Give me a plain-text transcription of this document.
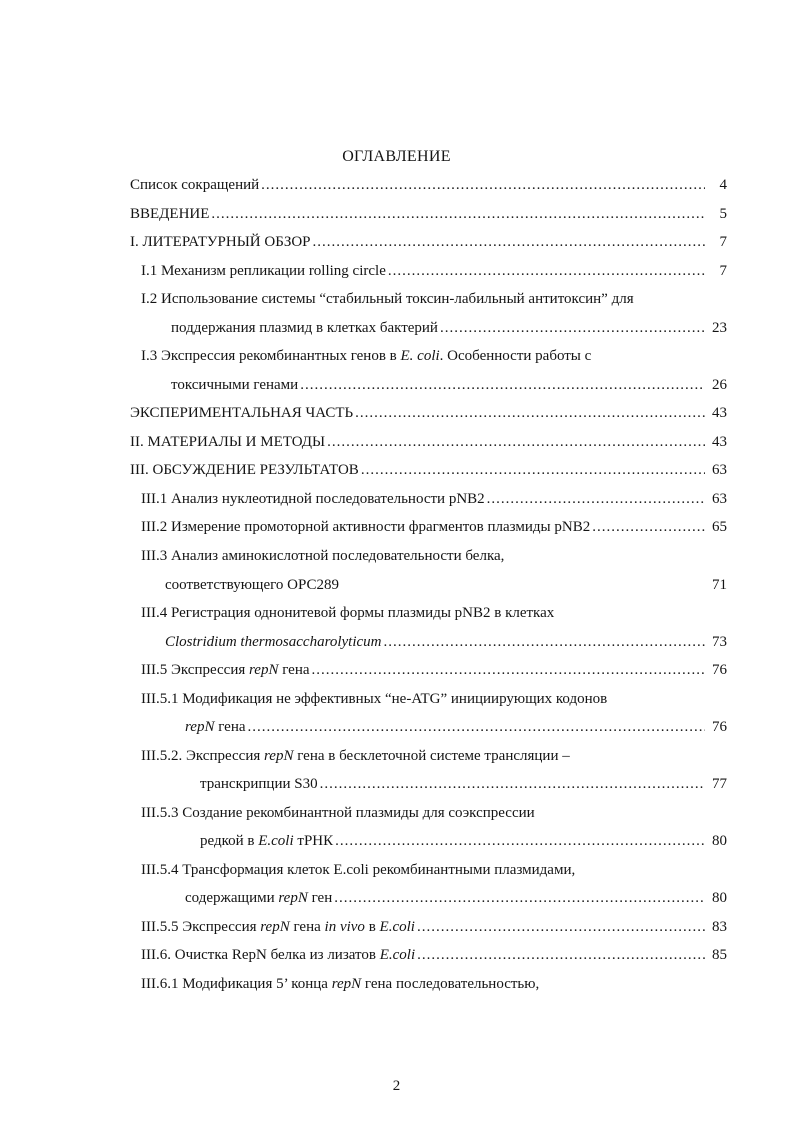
ОГЛАВЛЕНИЕ
Список сокращений .....	4
ВВЕДЕНИЕ .....	5
I. ЛИТЕРАТУРНЫЙ ОБЗОР .....	7
I.1 Механизм репликации rolling circle .....	7
I.2 Использование системы “стабильный токсин-лабильный антитоксин” для
поддержания плазмид в клетках бактерий .....	23
I.3 Экспрессия рекомбинантных генов в E. coli. Особенности работы с
токсичными генами .....	26
ЭКСПЕРИМЕНТАЛЬНАЯ ЧАСТЬ .....	43
II. МАТЕРИАЛЫ И МЕТОДЫ .....	43
III. ОБСУЖДЕНИЕ РЕЗУЛЬТАТОВ .....	63
III.1 Анализ нуклеотидной последовательности pNB2 .....	63
III.2 Измерение промоторной активности фрагментов плазмиды pNB2 .....	65
III.3 Анализ аминокислотной последовательности белка,
соответствующего ОРС289	71
III.4 Регистрация однонитевой формы плазмиды pNB2 в клетках
Clostridium thermosaccharolyticum .....	73
III.5 Экспрессия repN гена .....	76
III.5.1 Модификация не эффективных “не-ATG” инициирующих кодонов
repN гена .....	76
III.5.2. Экспрессия repN гена в бесклеточной системе трансляции –
транскрипции S30 .....	77
III.5.3 Создание рекомбинантной плазмиды для соэкспрессии
редкой в E.coli тРНК .....	80
III.5.4 Трансформация клеток E.coli рекомбинантными плазмидами,
содержащими repN ген .....	80
III.5.5 Экспрессия repN гена in vivo в E.coli .....	83
III.6. Очистка RepN белка из лизатов E.coli .....	85
III.6.1 Модификация 5’ конца repN гена последовательностью,
2
